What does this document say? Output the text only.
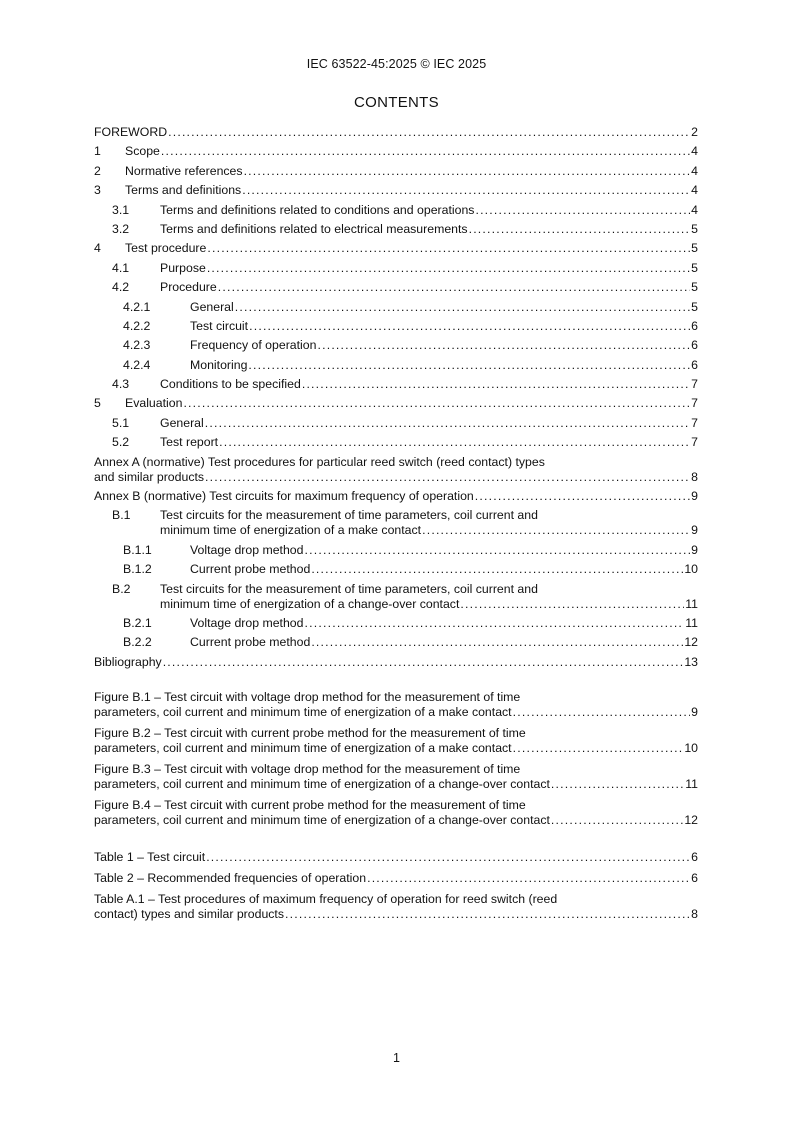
IEC 63522-45:2025 © IEC 2025
CONTENTS
FOREWORD .....	2
1	Scope .....	4
2	Normative references .....	4
3	Terms and definitions .....	4
3.1	Terms and definitions related to conditions and operations .....	4
3.2	Terms and definitions related to electrical measurements .....	5
4	Test procedure .....	5
4.1	Purpose .....	5
4.2	Procedure .....	5
4.2.1	General .....	5
4.2.2	Test circuit .....	6
4.2.3	Frequency of operation .....	6
4.2.4	Monitoring .....	6
4.3	Conditions to be specified .....	7
5	Evaluation .....	7
5.1	General .....	7
5.2	Test report .....	7
Annex A (normative) Test procedures for particular reed switch (reed contact) types
and similar products .....	8
Annex B (normative) Test circuits for maximum frequency of operation .....	9
B.1 Test circuits for the measurement of time parameters, coil current and
minimum time of energization of a make contact .....	9
B.1.1	Voltage drop method .....	9
B.1.2	Current probe method .....	10
B.2 Test circuits for the measurement of time parameters, coil current and
minimum time of energization of a change-over contact .....	11
B.2.1	Voltage drop method .....	11
B.2.2	Current probe method .....	12
Bibliography .....	13
Figure B.1 – Test circuit with voltage drop method for the measurement of time
parameters, coil current and minimum time of energization of a make contact .....	9
Figure B.2 – Test circuit with current probe method for the measurement of time
parameters, coil current and minimum time of energization of a make contact .....	10
Figure B.3 – Test circuit with voltage drop method for the measurement of time
parameters, coil current and minimum time of energization of a change-over contact .....	11
Figure B.4 – Test circuit with current probe method for the measurement of time
parameters, coil current and minimum time of energization of a change-over contact .....	12
Table 1 – Test circuit .....	6
Table 2 – Recommended frequencies of operation .....	6
Table A.1 – Test procedures of maximum frequency of operation for reed switch (reed
contact) types and similar products .....	8
1
